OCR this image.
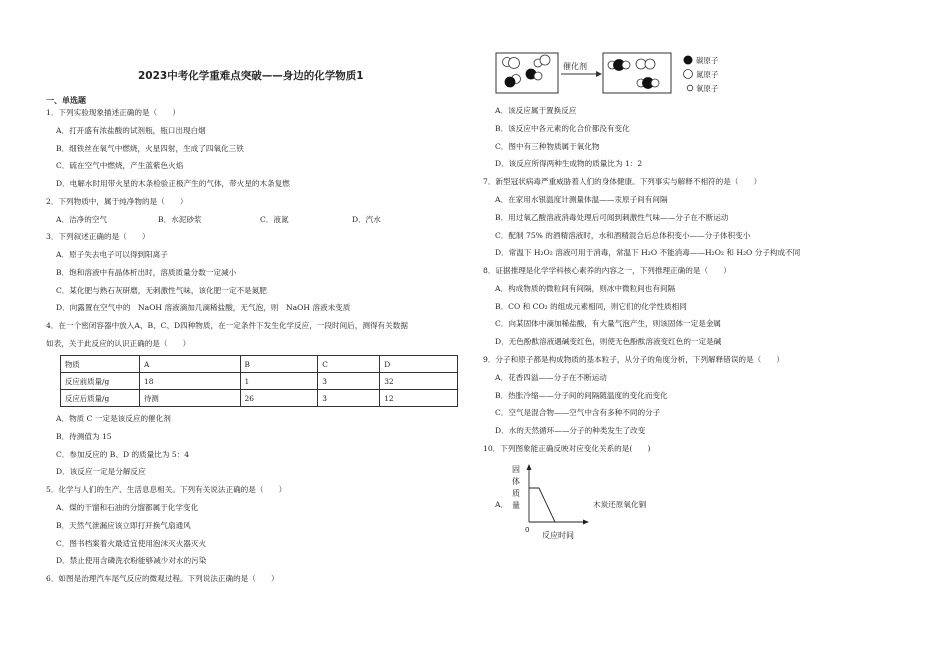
2023中考化学重难点突破——身边的化学物质1
一、单选题
1．下列实验现象描述正确的是（　　）
A．打开盛有浓盐酸的试剂瓶，瓶口出现白烟
B．细铁丝在氧气中燃烧，火星四射，生成了四氧化三铁
C．硫在空气中燃烧，产生蓝紫色火焰
D．电解水时用带火星的木条检验正极产生的气体，带火星的木条复燃
2．下列物质中，属于纯净物的是（　　）
A．洁净的空气	B．水泥砂浆	C．液氮	D．汽水
3．下列叙述正确的是（　　）
A．原子失去电子可以得到阳离子
B．饱和溶液中有晶体析出时，溶质质量分数一定减小
C．某化肥与熟石灰研磨，无刺激性气味，该化肥一定不是氮肥
D．向露置在空气中的　NaOH 溶液滴加几滴稀盐酸，无气泡，则　NaOH 溶液未变质
4．在一个密闭容器中放入A、B、C、D四种物质，在一定条件下发生化学反应，一段时间后，测得有关数据
如表，关于此反应的认识正确的是（　　）
物质	A	B	C	D
反应前质量/g	18	1	3	32
反应后质量/g	待测	26	3	12
A．物质 C 一定是该反应的催化剂
B．待测值为 15
C．参加反应的 B、D 的质量比为 5：4
D．该反应一定是分解反应
5．化学与人们的生产、生活息息相关。下列有关说法正确的是（　　）
A．煤的干馏和石油的分馏都属于化学变化
B．天然气泄漏应该立即打开换气扇通风
C．图书档案着火最适宜使用泡沫灭火器灭火
D．禁止使用含磷洗衣粉能够减少对水的污染
6．如图是治理汽车尾气反应的微观过程。下列说法正确的是（　　）
催化剂
碳原子
氮原子
氧原子
A．该反应属于置换反应
B．该反应中各元素的化合价都没有变化
C．图中有三种物质属于氧化物
D．该反应所得两种生成物的质量比为 1：2
7．新型冠状病毒严重威胁着人们的身体健康。下列事实与解释不相符的是（　　）
A．在家用水银温度计测量体温——汞原子间有间隔
B．用过氧乙酸溶液消毒处理后可闻到刺激性气味——分子在不断运动
C．配制 75% 的酒精溶液时，水和酒精混合后总体积变小——分子体积变小
D．常温下 H₂O₂ 溶液可用于消毒，常温下 H₂O 不能消毒——H₂O₂ 和 H₂O 分子构成不同
8．证据推理是化学学科核心素养的内容之一，下列推理正确的是（　　）
A．构成物质的微粒间有间隔，则冰中微粒间也有间隔
B．CO 和 CO₂ 的组成元素相同，则它们的化学性质相同
C．向某固体中滴加稀盐酸，有大量气泡产生，则该固体一定是金属
D．无色酚酞溶液遇碱变红色，则使无色酚酞溶液变红色的一定是碱
9．分子和原子都是构成物质的基本粒子，从分子的角度分析，下列解释错误的是（　　）
A．花香四溢——分子在不断运动
B．热胀冷缩——分子间的间隔随温度的变化而变化
C．空气是混合物——空气中含有多种不同的分子
D．水的天然循环——分子的种类发生了改变
10．下列图象能正确反映对应变化关系的是(　　)
A．
固
体
质
量
0
反应时间
木炭还原氧化铜
